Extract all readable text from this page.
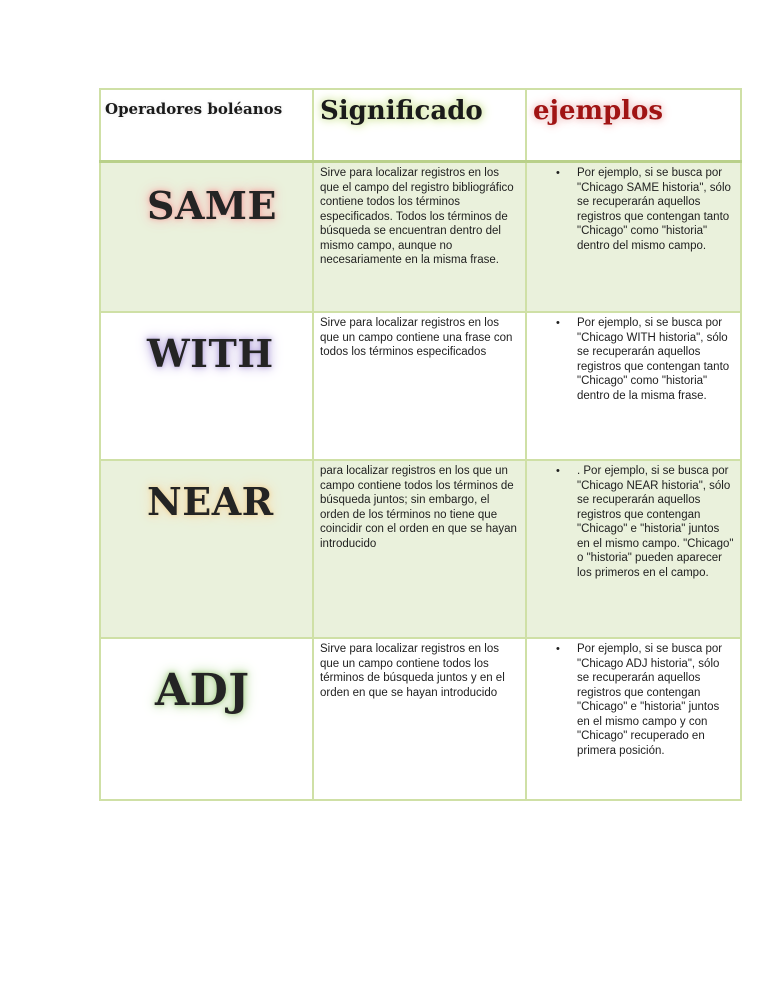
Operadores boléanos	Significado	ejemplos

SAME	Sirve para localizar registros en los que el campo del registro bibliográfico contiene todos los términos especificados. Todos los términos de búsqueda se encuentran dentro del mismo campo, aunque no necesariamente en la misma frase.	• Por ejemplo, si se busca por "Chicago SAME historia", sólo se recuperarán aquellos registros que contengan tanto "Chicago" como "historia" dentro del mismo campo.

WITH	Sirve para localizar registros en los que un campo contiene una frase con todos los términos especificados	• Por ejemplo, si se busca por "Chicago WITH historia", sólo se recuperarán aquellos registros que contengan tanto "Chicago" como "historia" dentro de la misma frase.

NEAR	para localizar registros en los que un campo contiene todos los términos de búsqueda juntos; sin embargo, el orden de los términos no tiene que coincidir con el orden en que se hayan introducido	• . Por ejemplo, si se busca por "Chicago NEAR historia", sólo se recuperarán aquellos registros que contengan "Chicago" e "historia" juntos en el mismo campo. "Chicago" o "historia" pueden aparecer los primeros en el campo.

ADJ	Sirve para localizar registros en los que un campo contiene todos los términos de búsqueda juntos y en el orden en que se hayan introducido	• Por ejemplo, si se busca por "Chicago ADJ historia", sólo se recuperarán aquellos registros que contengan "Chicago" e "historia" juntos en el mismo campo y con "Chicago" recuperado en primera posición.
